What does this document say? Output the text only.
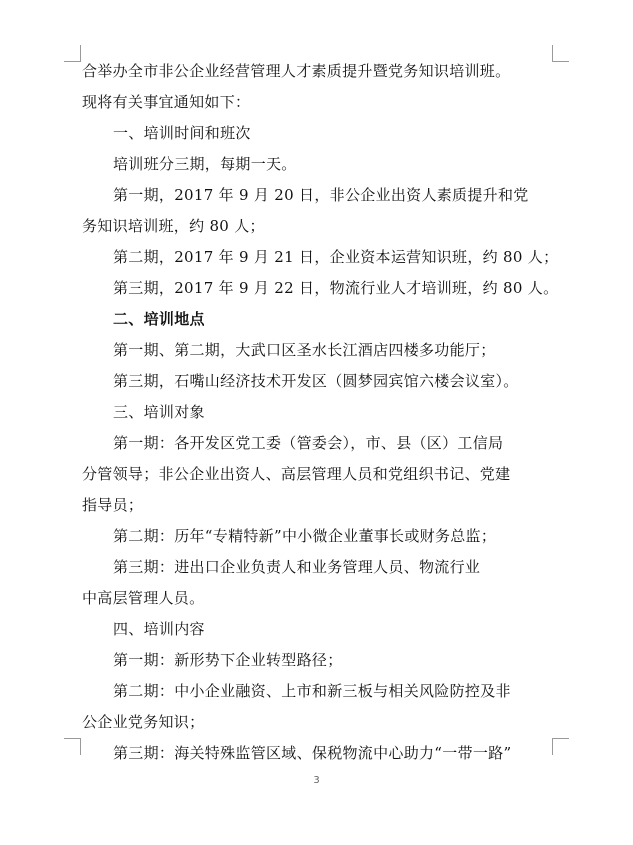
合举办全市非公企业经营管理人才素质提升暨党务知识培训班。
现将有关事宜通知如下：
一、培训时间和班次
培训班分三期，每期一天。
第一期，2017 年 9 月 20 日，非公企业出资人素质提升和党
务知识培训班，约 80 人；
第二期，2017 年 9 月 21 日，企业资本运营知识班，约 80 人；
第三期，2017 年 9 月 22 日，物流行业人才培训班，约 80 人。
二、培训地点
第一期、第二期，大武口区圣水长江酒店四楼多功能厅；
第三期，石嘴山经济技术开发区（圆梦园宾馆六楼会议室）。
三、培训对象
第一期：各开发区党工委（管委会），市、县（区）工信局
分管领导；非公企业出资人、高层管理人员和党组织书记、党建
指导员；
第二期：历年“专精特新”中小微企业董事长或财务总监；
第三期：进出口企业负责人和业务管理人员、物流行业
中高层管理人员。
四、培训内容
第一期：新形势下企业转型路径；
第二期：中小企业融资、上市和新三板与相关风险防控及非
公企业党务知识；
第三期：海关特殊监管区域、保税物流中心助力“一带一路”
3
